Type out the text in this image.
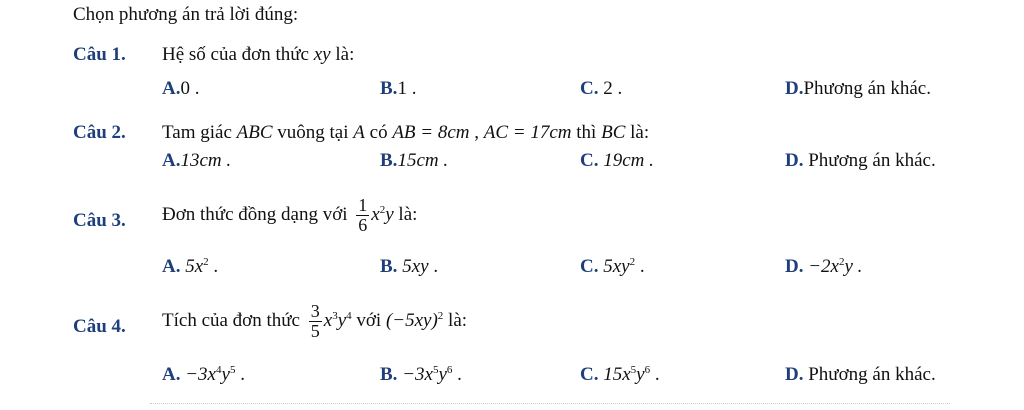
Chọn phương án trả lời đúng:
Câu 1. Hệ số của đơn thức xy là:
A.0 .	B.1 .	C. 2 .	D.Phương án khác.
Câu 2. Tam giác ABC vuông tại A có AB = 8cm , AC = 17cm thì BC là:
A.13cm .	B.15cm .	C. 19cm .	D. Phương án khác.
Câu 3. Đơn thức đồng dạng với $\frac{1}{6} x^2y$ là:
A. $5x^2$ .	B. 5xy .	C. $5xy^2$ .	D. $-2x^2y$ .
Câu 4. Tích của đơn thức $\frac{3}{5} x^3y^4$ với $(-5xy)^2$ là:
A. $-3x^4y^5$ .	B. $-3x^5y^6$ .	C. $15x^5y^6$ .	D. Phương án khác.
